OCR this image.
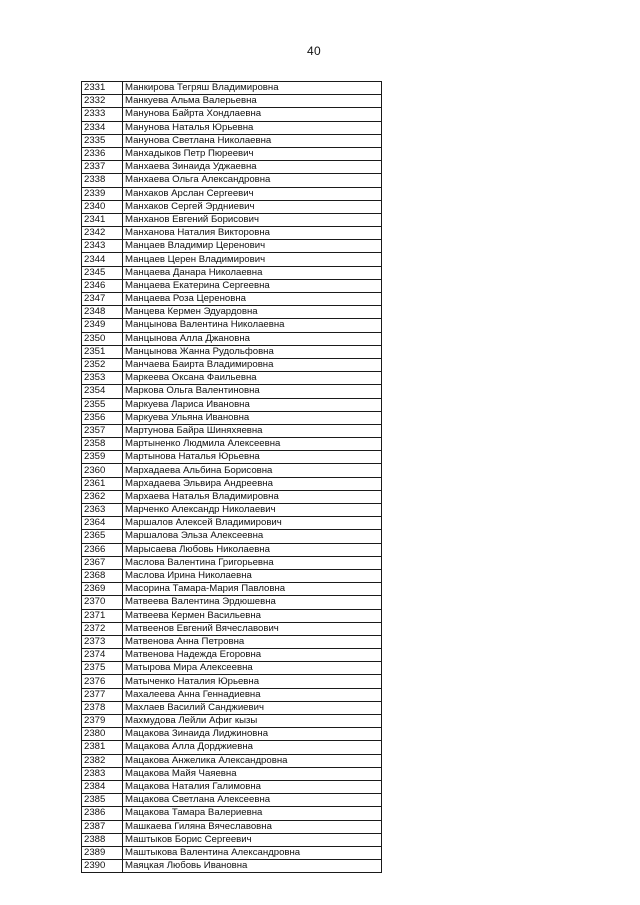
40
2331	Манкирова Тегряш Владимировна
2332	Манкуева Альма Валерьевна
2333	Манунова Байрта Хондлаевна
2334	Манунова Наталья Юрьевна
2335	Манунова Светлана Николаевна
2336	Манхадыков Петр Пюреевич
2337	Манхаева Зинаида Уджаевна
2338	Манхаева Ольга Александровна
2339	Манхаков Арслан Сергеевич
2340	Манхаков Сергей Эрдниевич
2341	Манханов Евгений Борисович
2342	Манханова Наталия Викторовна
2343	Манцаев Владимир Церенович
2344	Манцаев Церен Владимирович
2345	Манцаева Данара Николаевна
2346	Манцаева Екатерина Сергеевна
2347	Манцаева Роза Цереновна
2348	Манцева Кермен Эдуардовна
2349	Манцынова Валентина Николаевна
2350	Манцынова Алла Джановна
2351	Манцынова Жанна Рудольфовна
2352	Манчаева Баирта Владимировна
2353	Маркеева Оксана Фаильевна
2354	Маркова Ольга Валентиновна
2355	Маркуева Лариса Ивановна
2356	Маркуева Ульяна Ивановна
2357	Мартунова Байра Шиняхяевна
2358	Мартыненко Людмила Алексеевна
2359	Мартынова Наталья Юрьевна
2360	Мархадаева Альбина Борисовна
2361	Мархадаева Эльвира Андреевна
2362	Мархаева Наталья Владимировна
2363	Марченко Александр Николаевич
2364	Маршалов Алексей Владимирович
2365	Маршалова Эльза Алексеевна
2366	Марысаева Любовь Николаевна
2367	Маслова Валентина Григорьевна
2368	Маслова Ирина Николаевна
2369	Масорина Тамара-Мария Павловна
2370	Матвеева Валентина Эрдюшевна
2371	Матвеева Кермен Васильевна
2372	Матвеенов Евгений Вячеславович
2373	Матвенова Анна Петровна
2374	Матвенова Надежда Егоровна
2375	Матырова Мира Алексеевна
2376	Матыченко Наталия Юрьевна
2377	Махалеева Анна Геннадиевна
2378	Махлаев Василий Санджиевич
2379	Махмудова Лейли Афиг кызы
2380	Мацакова Зинаида Лиджиновна
2381	Мацакова Алла Дорджиевна
2382	Мацакова Анжелика Александровна
2383	Мацакова Майя Чаяевна
2384	Мацакова Наталия Галимовна
2385	Мацакова Светлана Алексеевна
2386	Мацакова Тамара Валериевна
2387	Машкаева Гиляна Вячеславовна
2388	Маштыков Борис Сергеевич
2389	Маштыкова Валентина Александровна
2390	Маяцкая Любовь Ивановна
